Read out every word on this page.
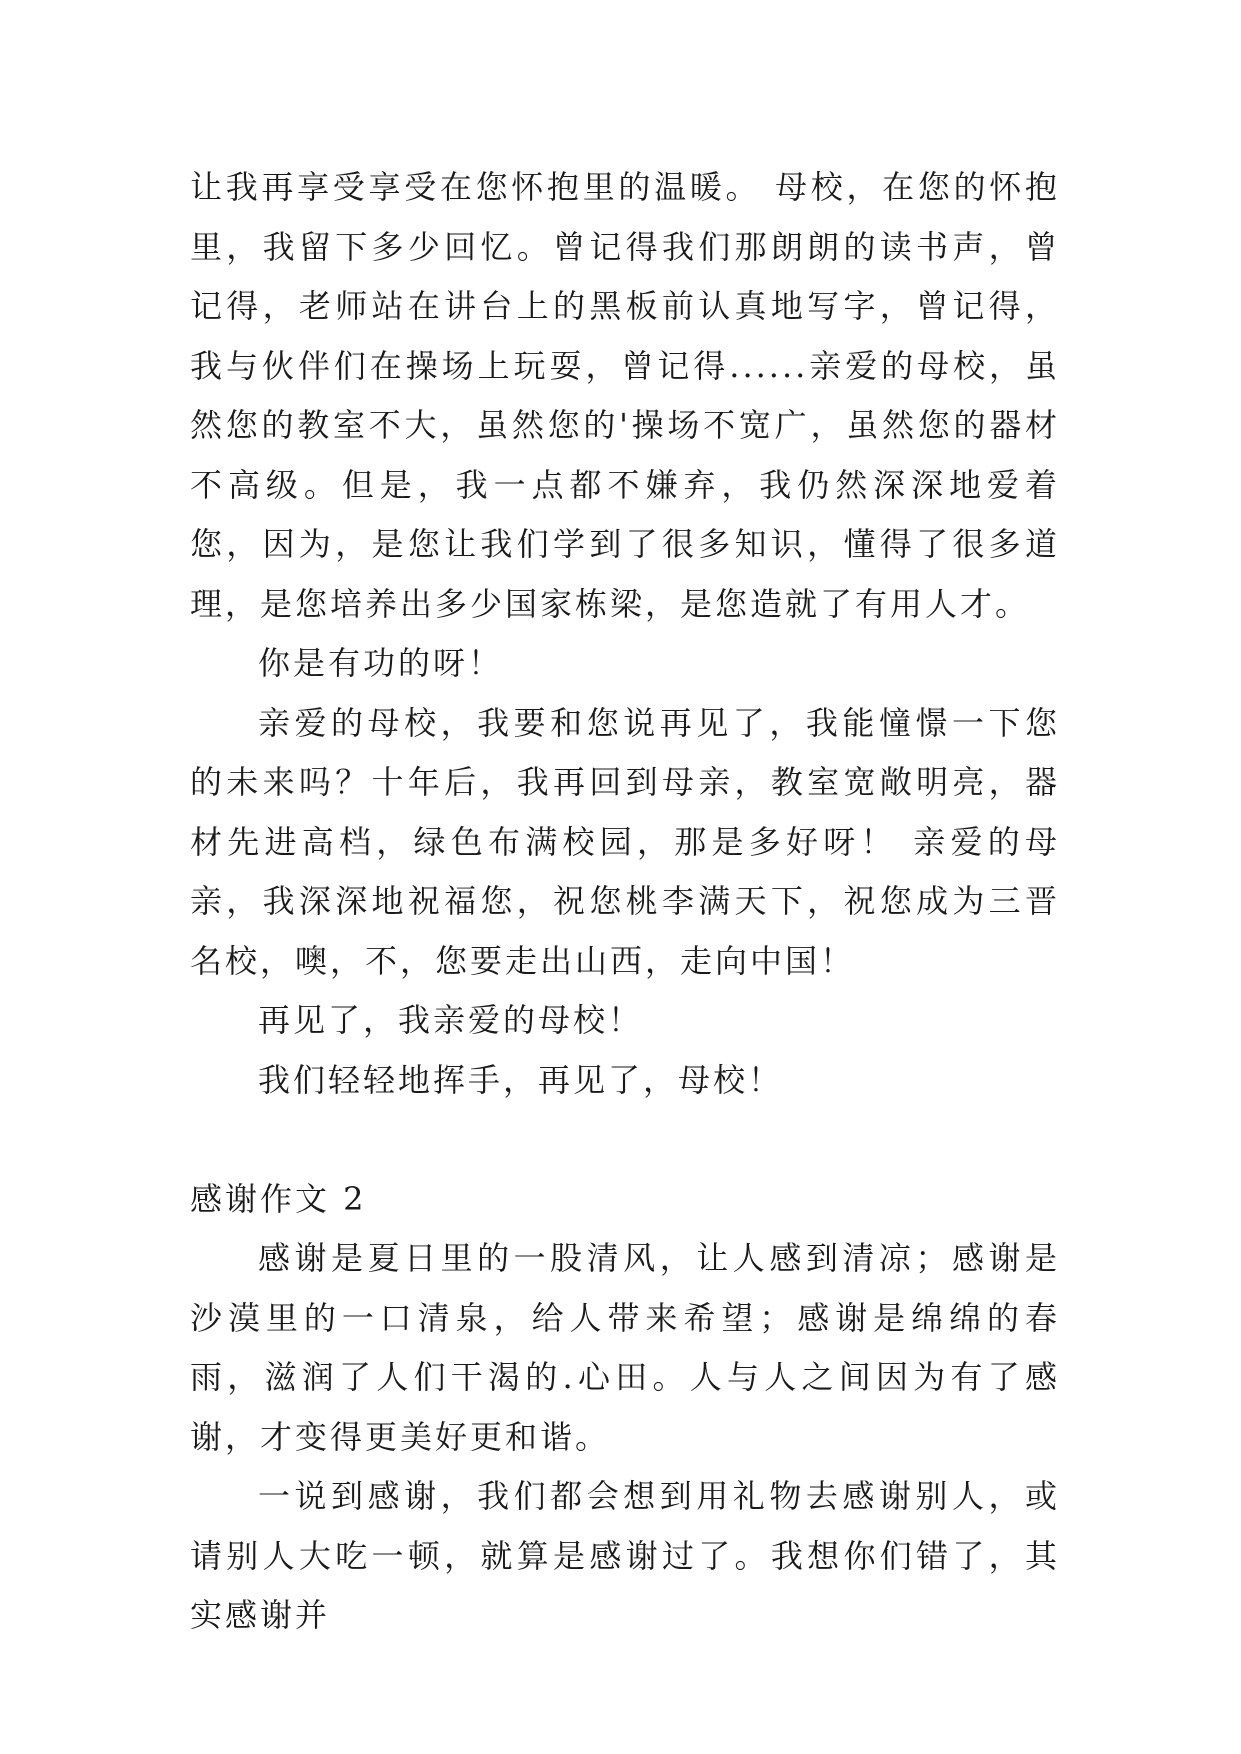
让我再享受享受在您怀抱里的温暖。 母校，在您的怀抱里，我留下多少回忆。曾记得我们那朗朗的读书声，曾记得，老师站在讲台上的黑板前认真地写字，曾记得，我与伙伴们在操场上玩耍，曾记得......亲爱的母校，虽然您的教室不大，虽然您的'操场不宽广，虽然您的器材不高级。但是，我一点都不嫌弃，我仍然深深地爱着您，因为，是您让我们学到了很多知识，懂得了很多道理，是您培养出多少国家栋梁，是您造就了有用人才。

你是有功的呀！

亲爱的母校，我要和您说再见了，我能憧憬一下您的未来吗？十年后，我再回到母亲，教室宽敞明亮，器材先进高档，绿色布满校园，那是多好呀！ 亲爱的母亲，我深深地祝福您，祝您桃李满天下，祝您成为三晋名校，噢，不，您要走出山西，走向中国！

再见了，我亲爱的母校！

我们轻轻地挥手，再见了，母校！

感谢作文 2

感谢是夏日里的一股清风，让人感到清凉；感谢是沙漠里的一口清泉，给人带来希望；感谢是绵绵的春雨，滋润了人们干渴的.心田。人与人之间因为有了感谢，才变得更美好更和谐。

一说到感谢，我们都会想到用礼物去感谢别人，或请别人大吃一顿，就算是感谢过了。我想你们错了，其实感谢并
